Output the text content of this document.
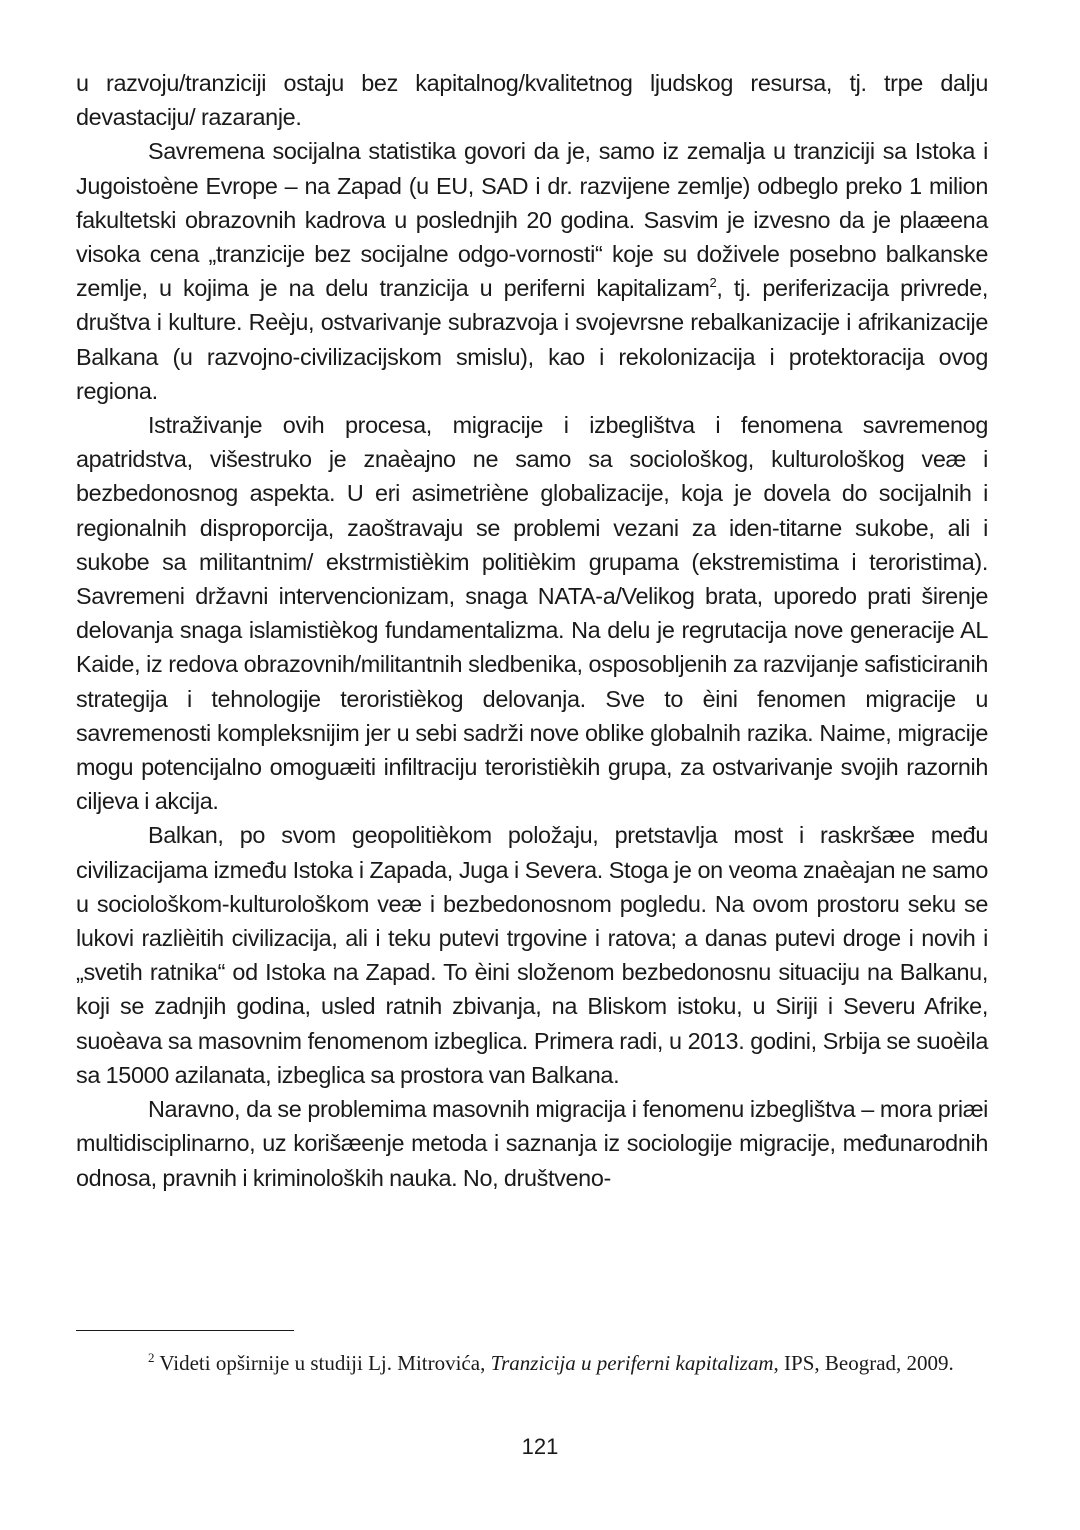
u razvoju/tranziciji ostaju bez kapitalnog/kvalitetnog ljudskog resursa, tj. trpe dalju devastaciju/ razaranje.

Savremena socijalna statistika govori da je, samo iz zemalja u tranziciji sa Istoka i Jugoistoène Evrope – na Zapad (u EU, SAD i dr. razvijene zemlje) odbeglo preko 1 milion fakultetski obrazovnih kadrova u poslednjih 20 godina. Sasvim je izvesno da je plaæena visoka cena „tranzicije bez socijalne odgo-vornosti“ koje su doživele posebno balkanske zemlje, u kojima je na delu tranzicija u periferni kapitalizam$^2$, tj. periferizacija privrede, društva i kulture. Reèju, ostvarivanje subrazvoja i svojevrsne rebalkanizacije i afrikanizacije Balkana (u razvojno-civilizacijskom smislu), kao i rekolonizacija i protektoracija ovog regiona.

Istraživanje ovih procesa, migracije i izbeglištva i fenomena savremenog apatridstva, višestruko je znaèajno ne samo sa sociološkog, kulturološkog veæ i bezbedonosnog aspekta. U eri asimetriène globalizacije, koja je dovela do socijalnih i regionalnih disproporcija, zaoštravaju se problemi vezani za iden-titarne sukobe, ali i sukobe sa militantnim/ ekstrmistièkim politièkim grupama (ekstremistima i teroristima). Savremeni državni intervencionizam, snaga NATA-a/Velikog brata, uporedo prati širenje delovanja snaga islamistièkog fundamentalizma. Na delu je regrutacija nove generacije AL Kaide, iz redova obrazovnih/militantnih sledbenika, osposobljenih za razvijanje safisticiranih strategija i tehnologije teroristièkog delovanja. Sve to èini fenomen migracije u savremenosti kompleksnijim jer u sebi sadrži nove oblike globalnih razika. Naime, migracije mogu potencijalno omoguæiti infiltraciju teroristièkih grupa, za ostvarivanje svojih razornih ciljeva i akcija.

Balkan, po svom geopolitièkom položaju, pretstavlja most i raskršæe među civilizacijama između Istoka i Zapada, Juga i Severa. Stoga je on veoma znaèajan ne samo u sociološkom-kulturološkom veæ i bezbedonosnom pogledu. Na ovom prostoru seku se lukovi razlièitih civilizacija, ali i teku putevi trgovine i ratova; a danas putevi droge i novih i „svetih ratnika“ od Istoka na Zapad. To èini složenom bezbedonosnu situaciju na Balkanu, koji se zadnjih godina, usled ratnih zbivanja, na Bliskom istoku, u Siriji i Severu Afrike, suoèava sa masovnim fenomenom izbeglica. Primera radi, u 2013. godini, Srbija se suoèila sa 15000 azilanata, izbeglica sa prostora van Balkana.

Naravno, da se problemima masovnih migracija i fenomenu izbeglištva – mora priæi multidisciplinarno, uz korišæenje metoda i saznanja iz sociologije migracije, međunarodnih odnosa, pravnih i kriminoloških nauka. No, društveno-

$^2$ Videti opširnije u studiji Lj. Mitrovića, Tranzicija u periferni kapitalizam, IPS, Beograd, 2009.

121
